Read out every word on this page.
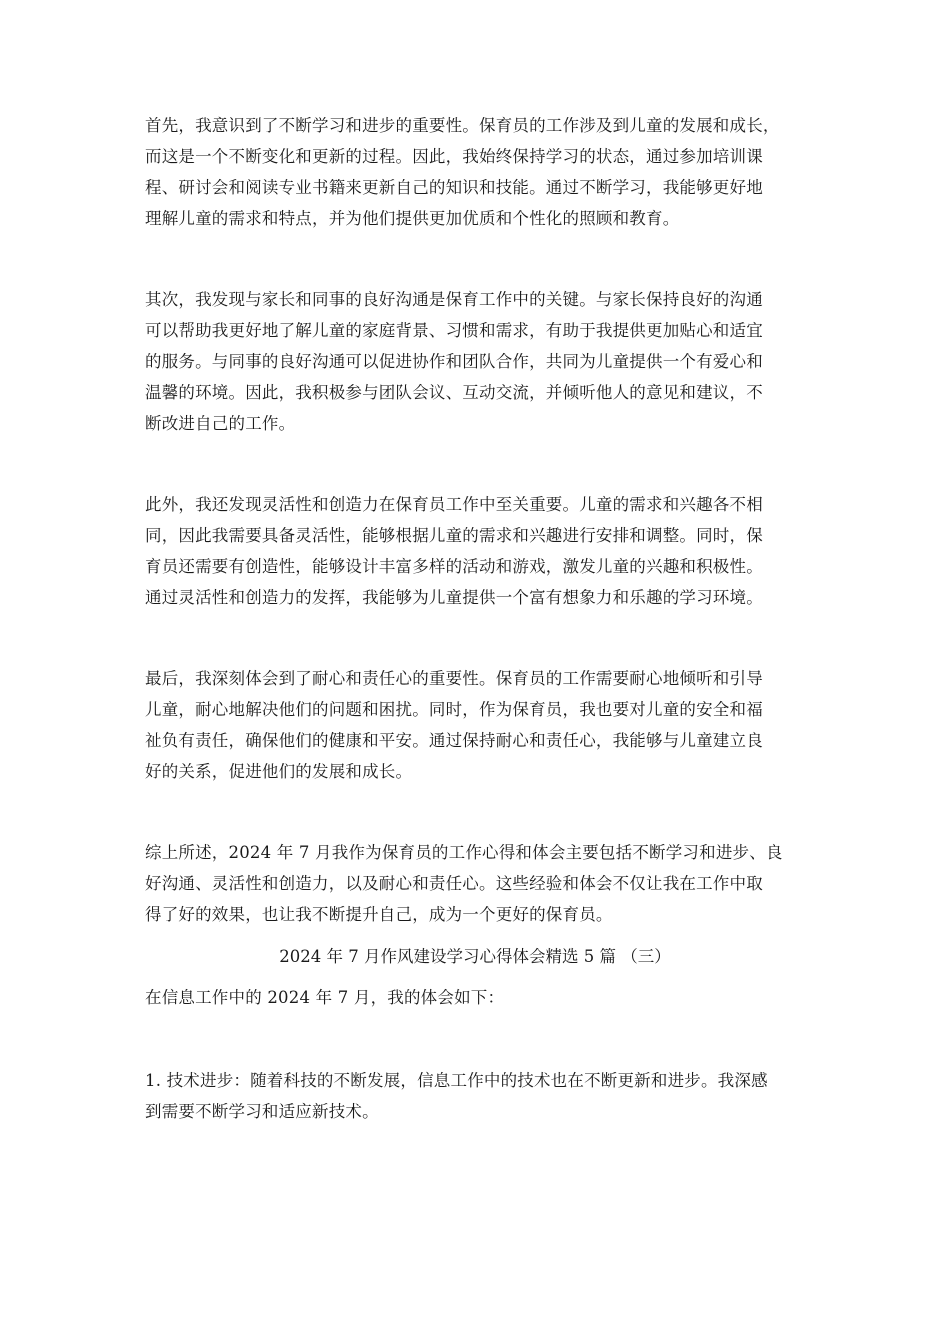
首先，我意识到了不断学习和进步的重要性。保育员的工作涉及到儿童的发展和成长，
而这是一个不断变化和更新的过程。因此，我始终保持学习的状态，通过参加培训课
程、研讨会和阅读专业书籍来更新自己的知识和技能。通过不断学习，我能够更好地
理解儿童的需求和特点，并为他们提供更加优质和个性化的照顾和教育。
其次，我发现与家长和同事的良好沟通是保育工作中的关键。与家长保持良好的沟通
可以帮助我更好地了解儿童的家庭背景、习惯和需求，有助于我提供更加贴心和适宜
的服务。与同事的良好沟通可以促进协作和团队合作，共同为儿童提供一个有爱心和
温馨的环境。因此，我积极参与团队会议、互动交流，并倾听他人的意见和建议，不
断改进自己的工作。
此外，我还发现灵活性和创造力在保育员工作中至关重要。儿童的需求和兴趣各不相
同，因此我需要具备灵活性，能够根据儿童的需求和兴趣进行安排和调整。同时，保
育员还需要有创造性，能够设计丰富多样的活动和游戏，激发儿童的兴趣和积极性。
通过灵活性和创造力的发挥，我能够为儿童提供一个富有想象力和乐趣的学习环境。
最后，我深刻体会到了耐心和责任心的重要性。保育员的工作需要耐心地倾听和引导
儿童，耐心地解决他们的问题和困扰。同时，作为保育员，我也要对儿童的安全和福
祉负有责任，确保他们的健康和平安。通过保持耐心和责任心，我能够与儿童建立良
好的关系，促进他们的发展和成长。
综上所述，2024 年 7 月我作为保育员的工作心得和体会主要包括不断学习和进步、良
好沟通、灵活性和创造力，以及耐心和责任心。这些经验和体会不仅让我在工作中取
得了好的效果，也让我不断提升自己，成为一个更好的保育员。
2024 年 7 月作风建设学习心得体会精选 5 篇 （三）
在信息工作中的 2024 年 7 月，我的体会如下：
1. 技术进步：随着科技的不断发展，信息工作中的技术也在不断更新和进步。我深感
到需要不断学习和适应新技术。
